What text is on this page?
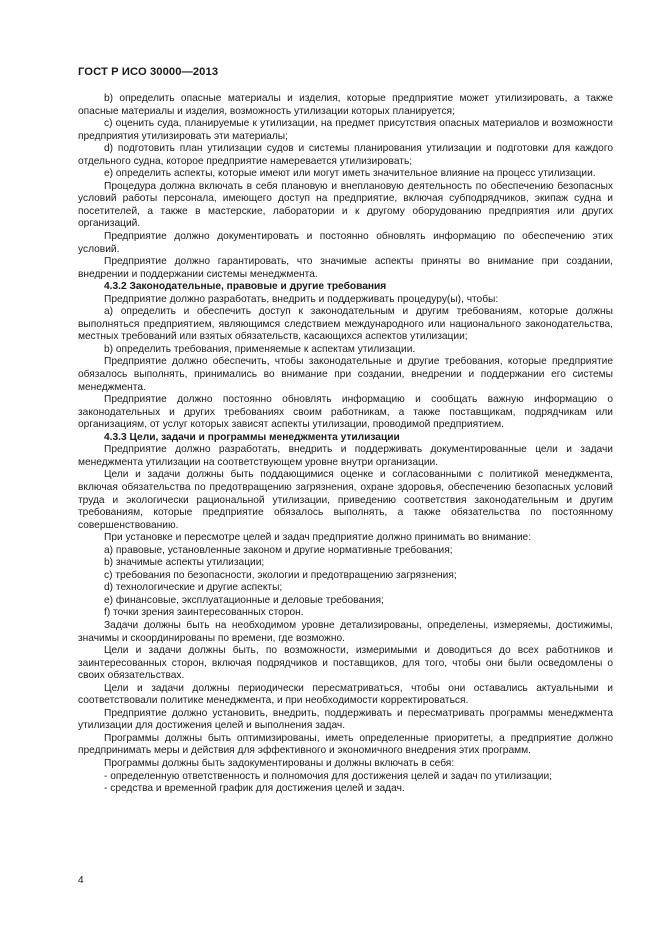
ГОСТ Р ИСО 30000—2013

b) определить опасные материалы и изделия, которые предприятие может утилизировать, а также опасные материалы и изделия, возможность утилизации которых планируется;

c) оценить суда, планируемые к утилизации, на предмет присутствия опасных материалов и возможности предприятия утилизировать эти материалы;

d) подготовить план утилизации судов и системы планирования утилизации и подготовки для каждого отдельного судна, которое предприятие намеревается утилизировать;

e) определить аспекты, которые имеют или могут иметь значительное влияние на процесс утилизации.

Процедура должна включать в себя плановую и внеплановую деятельность по обеспечению безопасных условий работы персонала, имеющего доступ на предприятие, включая субподрядчиков, экипаж судна и посетителей, а также в мастерские, лаборатории и к другому оборудованию предприятия или других организаций.

Предприятие должно документировать и постоянно обновлять информацию по обеспечению этих условий.

Предприятие должно гарантировать, что значимые аспекты приняты во внимание при создании, внедрении и поддержании системы менеджмента.

4.3.2 Законодательные, правовые и другие требования

Предприятие должно разработать, внедрить и поддерживать процедуру(ы), чтобы:

a) определить и обеспечить доступ к законодательным и другим требованиям, которые должны выполняться предприятием, являющимся следствием международного или национального законодательства, местных требований или взятых обязательств, касающихся аспектов утилизации;

b) определить требования, применяемые к аспектам утилизации.

Предприятие должно обеспечить, чтобы законодательные и другие требования, которые предприятие обязалось выполнять, принимались во внимание при создании, внедрении и поддержании его системы менеджмента.

Предприятие должно постоянно обновлять информацию и сообщать важную информацию о законодательных и других требованиях своим работникам, а также поставщикам, подрядчикам или организациям, от услуг которых зависят аспекты утилизации, проводимой предприятием.

4.3.3 Цели, задачи и программы менеджмента утилизации

Предприятие должно разработать, внедрить и поддерживать документированные цели и задачи менеджмента утилизации на соответствующем уровне внутри организации.

Цели и задачи должны быть поддающимися оценке и согласованными с политикой менеджмента, включая обязательства по предотвращению загрязнения, охране здоровья, обеспечению безопасных условий труда и экологически рациональной утилизации, приведению соответствия законодательным и другим требованиям, которые предприятие обязалось выполнять, а также обязательства по постоянному совершенствованию.

При установке и пересмотре целей и задач предприятие должно принимать во внимание:

a) правовые, установленные законом и другие нормативные требования;

b) значимые аспекты утилизации;

c) требования по безопасности, экологии и предотвращению загрязнения;

d) технологические и другие аспекты;

e) финансовые, эксплуатационные и деловые требования;

f) точки зрения заинтересованных сторон.

Задачи должны быть на необходимом уровне детализированы, определены, измеряемы, достижимы, значимы и скоординированы по времени, где возможно.

Цели и задачи должны быть, по возможности, измеримыми и доводиться до всех работников и заинтересованных сторон, включая подрядчиков и поставщиков, для того, чтобы они были осведомлены о своих обязательствах.

Цели и задачи должны периодически пересматриваться, чтобы они оставались актуальными и соответствовали политике менеджмента, и при необходимости корректироваться.

Предприятие должно установить, внедрить, поддерживать и пересматривать программы менеджмента утилизации для достижения целей и выполнения задач.

Программы должны быть оптимизированы, иметь определенные приоритеты, а предприятие должно предпринимать меры и действия для эффективного и экономичного внедрения этих программ.

Программы должны быть задокументированы и должны включать в себя:

- определенную ответственность и полномочия для достижения целей и задач по утилизации;

- средства и временной график для достижения целей и задач.

4
